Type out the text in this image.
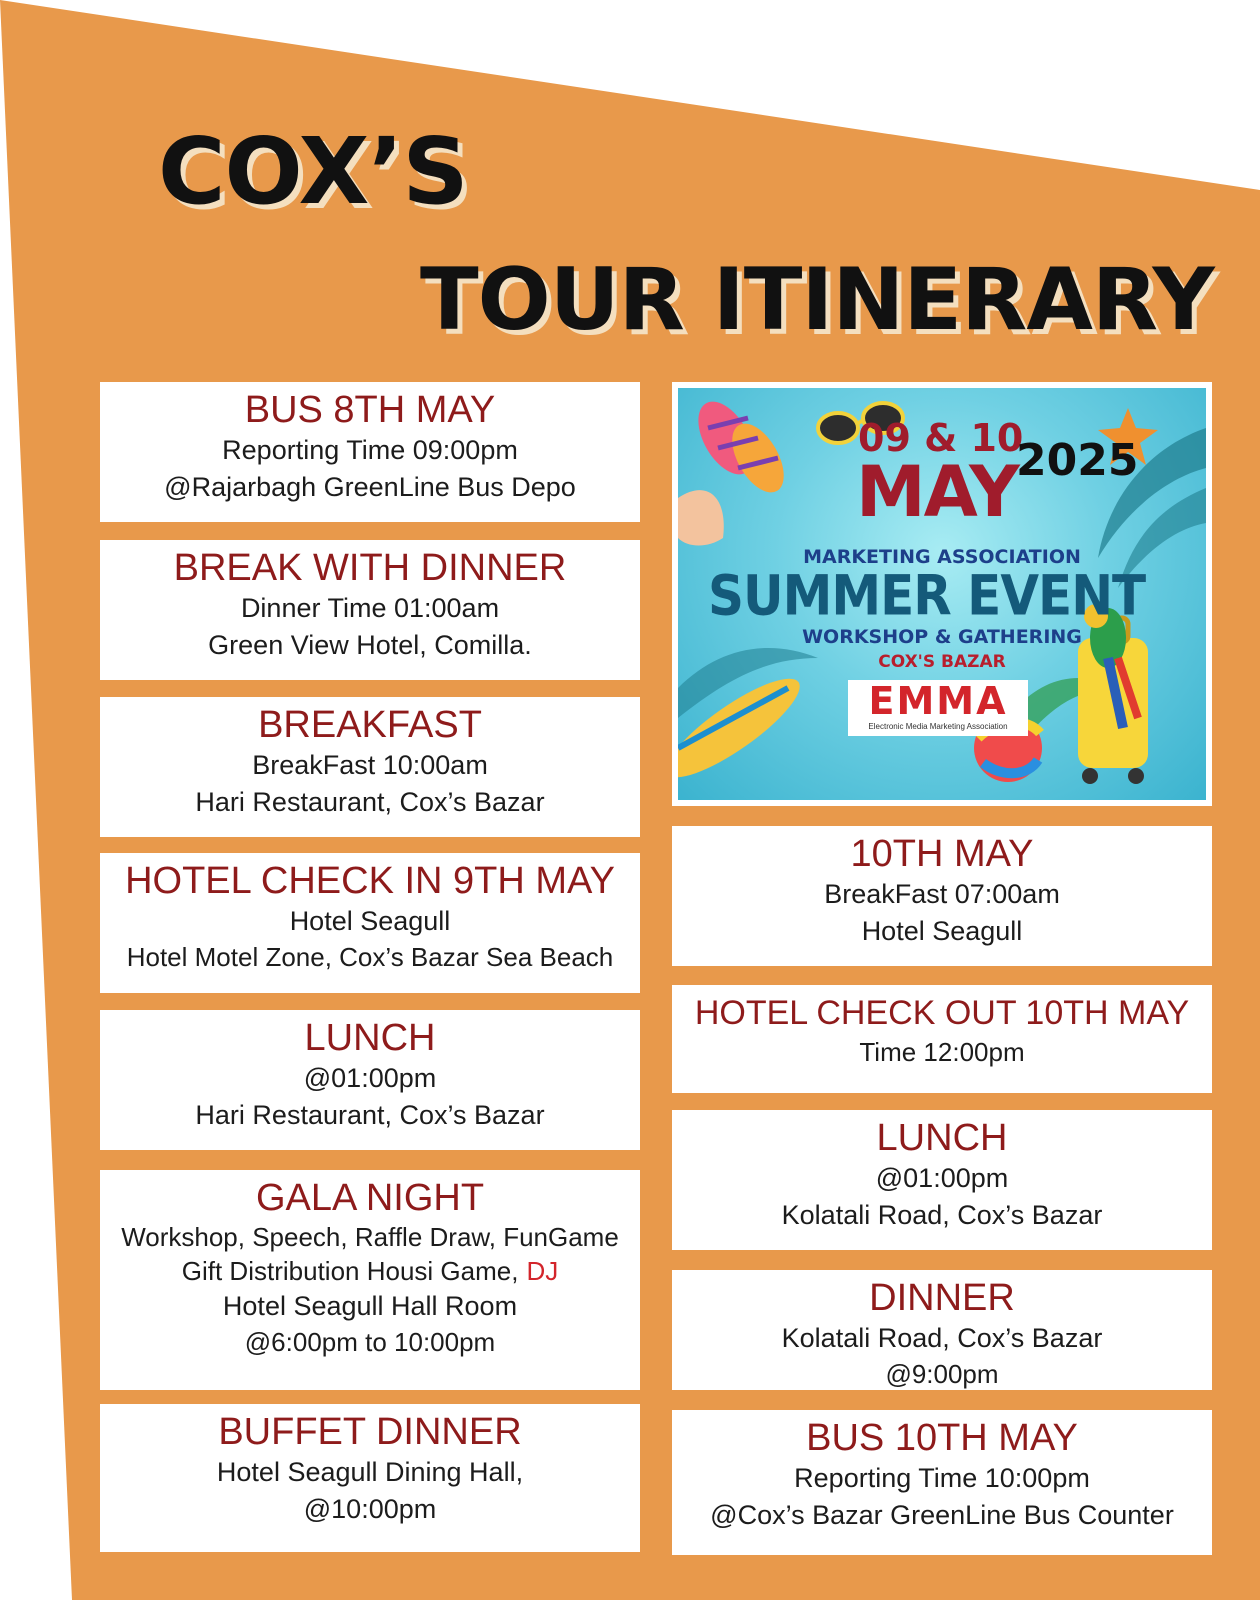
COX’S
TOUR ITINERARY
BUS 8TH MAY
Reporting Time 09:00pm
@Rajarbagh GreenLine Bus Depo
BREAK WITH DINNER
Dinner Time 01:00am
Green View Hotel, Comilla.
BREAKFAST
BreakFast 10:00am
Hari Restaurant, Cox’s Bazar
HOTEL CHECK IN 9TH MAY
Hotel Seagull
Hotel Motel Zone, Cox’s Bazar Sea Beach
LUNCH
@01:00pm
Hari Restaurant, Cox’s Bazar
GALA NIGHT
Workshop, Speech, Raffle Draw, FunGame
Gift Distribution Housi Game, DJ
Hotel Seagull Hall Room
@6:00pm to 10:00pm
BUFFET DINNER
Hotel Seagull Dining Hall,
@10:00pm
09 & 10
2025
MAY
MARKETING ASSOCIATION
SUMMER EVENT
WORKSHOP & GATHERING
COX'S BAZAR
EMMA
Electronic Media Marketing Association
10TH MAY
BreakFast 07:00am
Hotel Seagull
HOTEL CHECK OUT 10TH MAY
Time 12:00pm
LUNCH
@01:00pm
Kolatali Road, Cox’s Bazar
DINNER
Kolatali Road, Cox’s Bazar
@9:00pm
BUS 10TH MAY
Reporting Time 10:00pm
@Cox’s Bazar GreenLine Bus Counter
